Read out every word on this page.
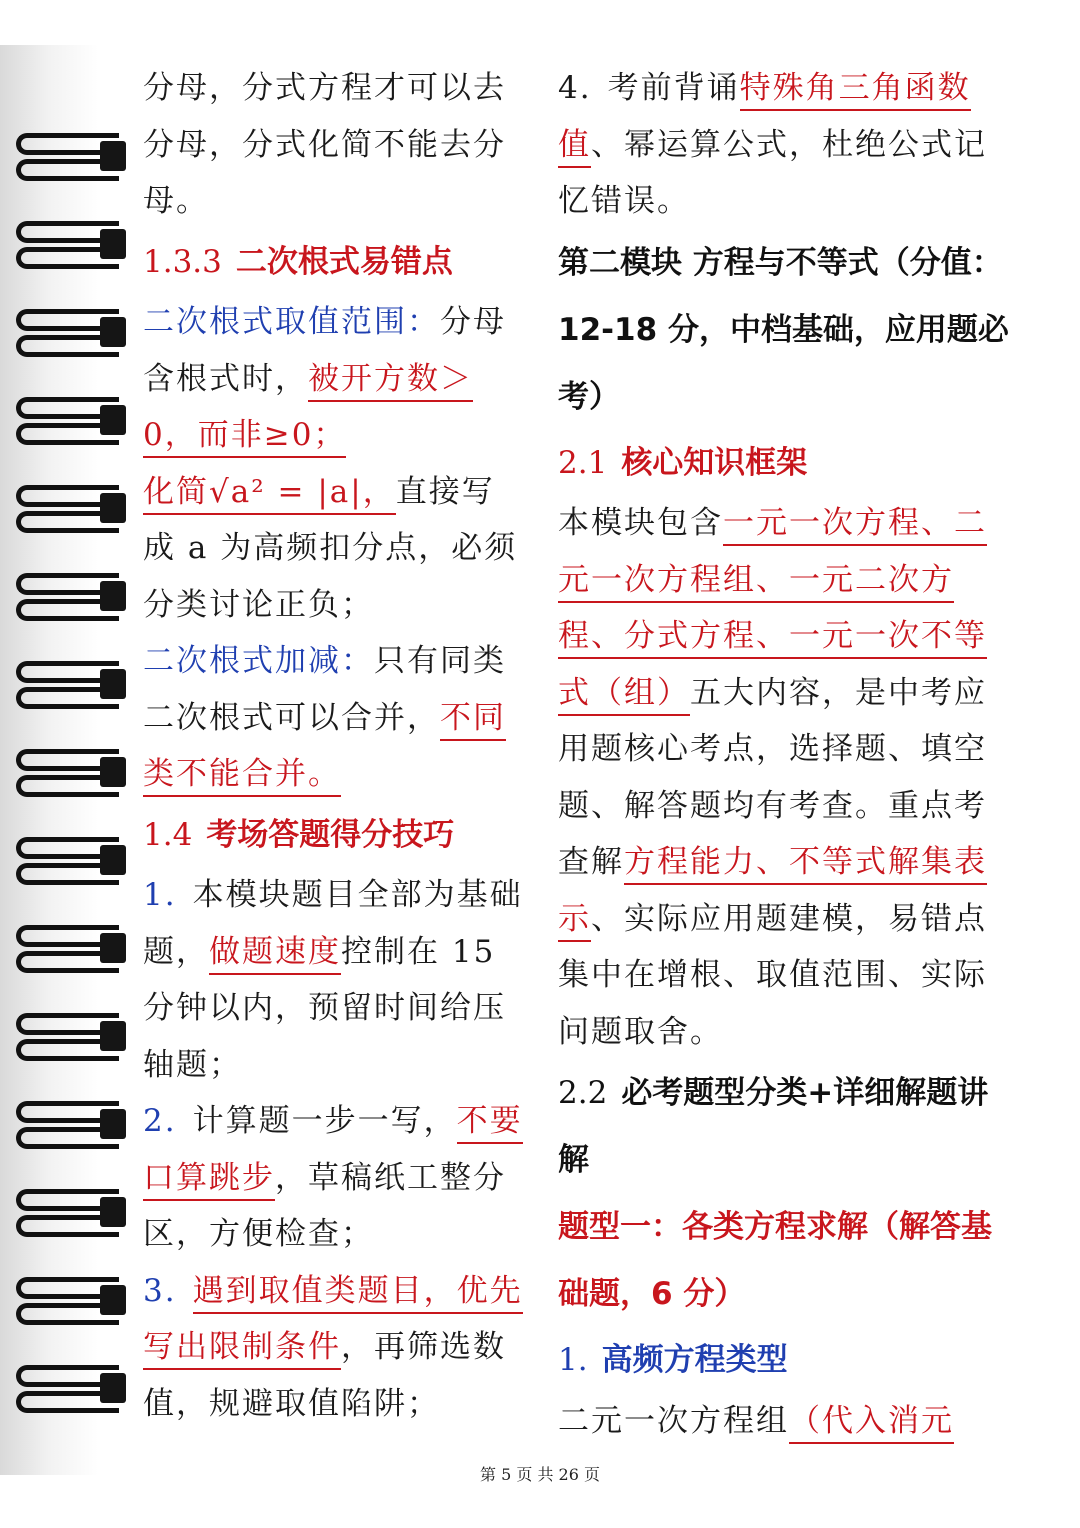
分母，分式方程才可以去分母，分式化简不能去分母。

1.3.3 二次根式易错点

二次根式取值范围：分母含根式时，被开方数＞0，而非≥0；

化简√a² = |a|，直接写成 a 为高频扣分点，必须分类讨论正负；

二次根式加减：只有同类二次根式可以合并，不同类不能合并。

1.4 考场答题得分技巧

1. 本模块题目全部为基础题，做题速度控制在 15 分钟以内，预留时间给压轴题；

2. 计算题一步一写，不要口算跳步，草稿纸工整分区，方便检查；

3. 遇到取值类题目，优先写出限制条件，再筛选数值，规避取值陷阱；

4. 考前背诵特殊角三角函数值、幂运算公式，杜绝公式记忆错误。

第二模块 方程与不等式（分值：12-18 分，中档基础，应用题必考）
2.1 核心知识框架

本模块包含一元一次方程、二元一次方程组、一元二次方程、分式方程、一元一次不等式（组）五大内容，是中考应用题核心考点，选择题、填空题、解答题均有考查。重点考查解方程能力、不等式解集表示、实际应用题建模，易错点集中在增根、取值范围、实际问题取舍。

2.2 必考题型分类+详细解题讲解
题型一：各类方程求解（解答基础题，6 分）
1. 高频方程类型

二元一次方程组（代入消元

第 5 页 共 26 页
